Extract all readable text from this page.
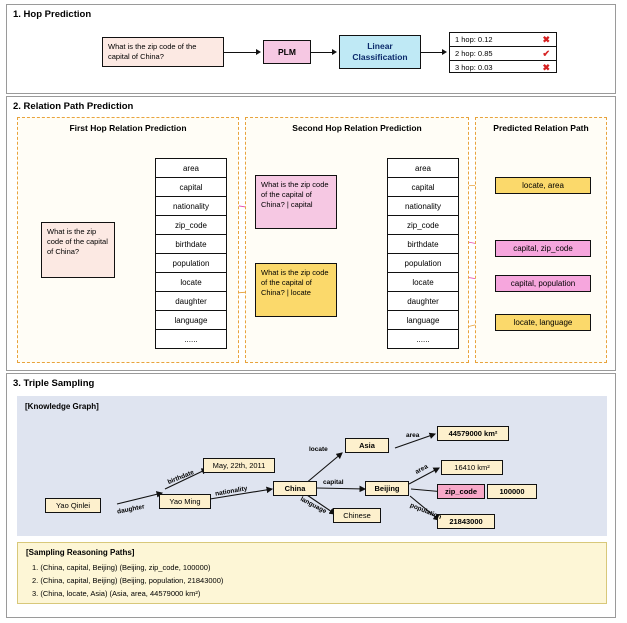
1. Hop Prediction
What is the zip code of the capital of China?	PLM
Linear
Classification
1 hop: 0.12	✖
2 hop: 0.85	✔
3 hop: 0.03	✖
2. Relation Path Prediction
First Hop Relation Prediction	Second Hop Relation Prediction	Predicted Relation Path
What is the zip code of the capital of China?
area
capital
nationality
zip_code
birthdate
population
locate
daughter
language
......
What is the zip code of the capital of China? | capital
What is the zip code of the capital of China? | locate
area
capital
nationality
zip_code
birthdate
population
locate
daughter
language
......
locate, area
capital, zip_code
capital, population
locate, language
3. Triple Sampling
[Knowledge Graph]
Yao Qinlei	Yao Ming
May, 22th, 2011
China
Asia
Beijing
Chinese
44579000 km²
16410 km²
zip_code	100000
21843000
birthdate
daughter
nationality
locate
capital
language
area
area
population
[Sampling Reasoning Paths]
1. (China, capital, Beijing) (Beijing, zip_code, 100000)
2. (China, capital, Beijing) (Beijing, population, 21843000)
3. (China, locate, Asia) (Asia, area, 44579000 km²)
